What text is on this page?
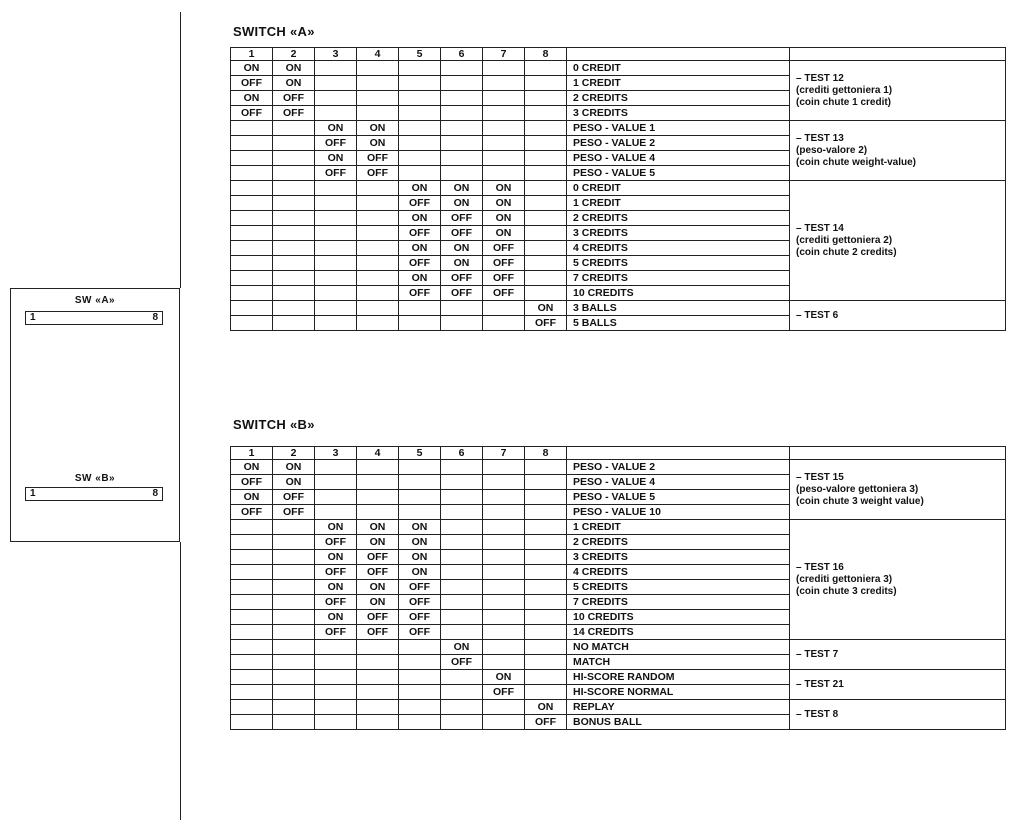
SW «A»
1	8
SW «B»
1	8
SWITCH «A»
SWITCH «B»
1	2	3	4	5	6	7	8		
ON	ON							0 CREDIT	– TEST 12
(crediti gettoniera 1)
(coin chute 1 credit)

OFF	ON							1 CREDIT	
ON	OFF							2 CREDITS	
OFF	OFF							3 CREDITS	
		ON	ON					PESO - VALUE 1	– TEST 13
(peso-valore 2)
(coin chute weight-value)

		OFF	ON					PESO - VALUE 2	
		ON	OFF					PESO - VALUE 4	
		OFF	OFF					PESO - VALUE 5	
				ON	ON	ON		0 CREDIT	– TEST 14
(crediti gettoniera 2)
(coin chute 2 credits)

				OFF	ON	ON		1 CREDIT	
				ON	OFF	ON		2 CREDITS	
				OFF	OFF	ON		3 CREDITS	
				ON	ON	OFF		4 CREDITS	
				OFF	ON	OFF		5 CREDITS	
				ON	OFF	OFF		7 CREDITS	
				OFF	OFF	OFF		10 CREDITS	
							ON	3 BALLS	– TEST 6

							OFF	5 BALLS	
1	2	3	4	5	6	7	8		
ON	ON							PESO - VALUE 2	– TEST 15
(peso-valore gettoniera 3)
(coin chute 3 weight value)

OFF	ON							PESO - VALUE 4	
ON	OFF							PESO - VALUE 5	
OFF	OFF							PESO - VALUE 10	
		ON	ON	ON				1 CREDIT	– TEST 16
(crediti gettoniera 3)
(coin chute 3 credits)

		OFF	ON	ON				2 CREDITS	
		ON	OFF	ON				3 CREDITS	
		OFF	OFF	ON				4 CREDITS	
		ON	ON	OFF				5 CREDITS	
		OFF	ON	OFF				7 CREDITS	
		ON	OFF	OFF				10 CREDITS	
		OFF	OFF	OFF				14 CREDITS	
					ON			NO MATCH	– TEST 7

					OFF			MATCH	
						ON		HI-SCORE RANDOM	– TEST 21

						OFF		HI-SCORE NORMAL	
							ON	REPLAY	– TEST 8

							OFF	BONUS BALL	
